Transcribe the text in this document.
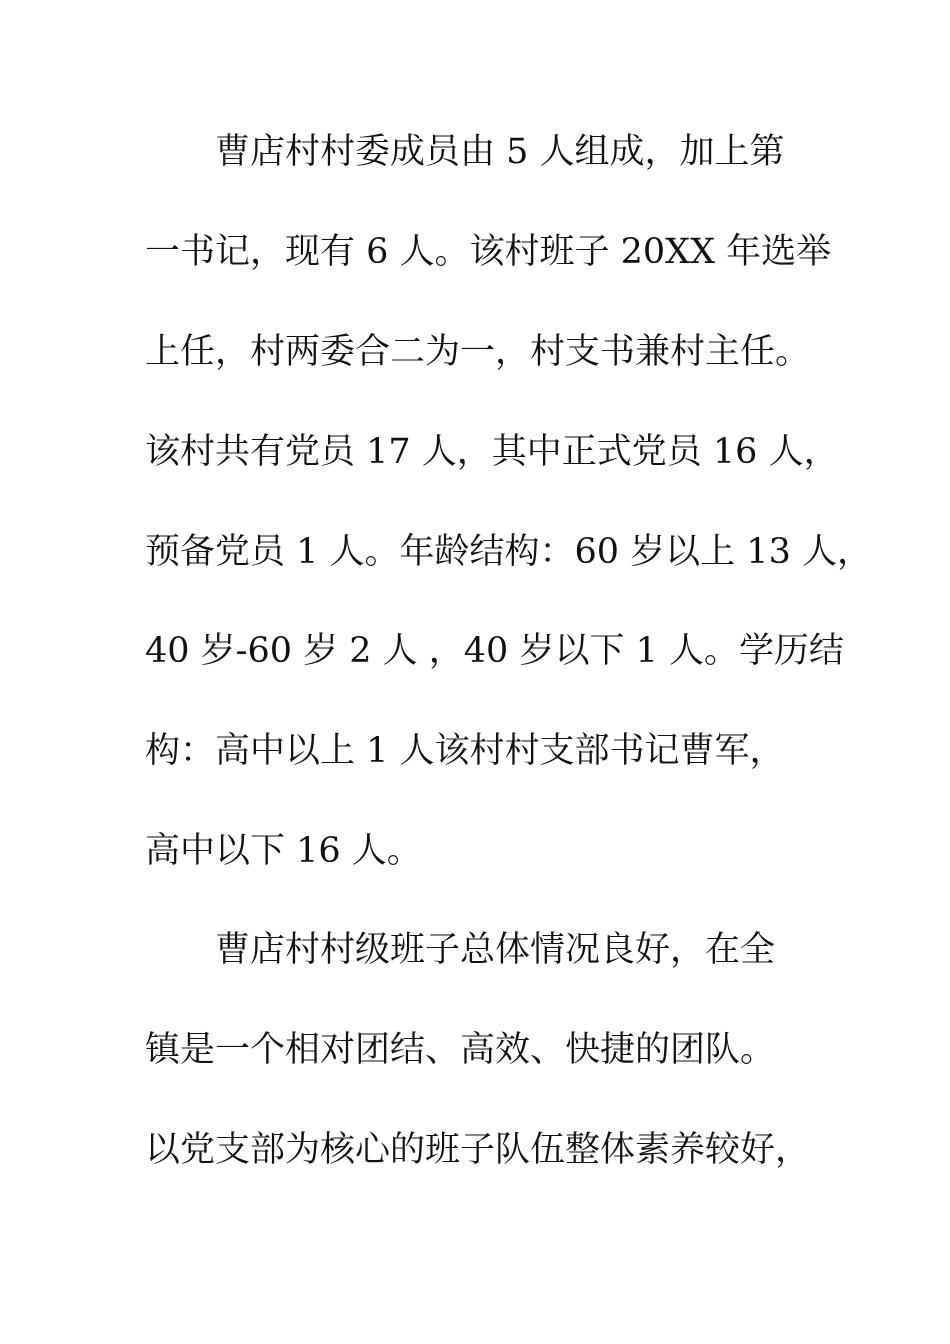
曹店村村委成员由 5 人组成，加上第
一书记，现有 6 人。该村班子 20XX 年选举
上任，村两委合二为一，村支书兼村主任。
该村共有党员 17 人，其中正式党员 16 人，
预备党员 1 人。年龄结构：60 岁以上 13 人，
40 岁-60 岁 2 人 ，40 岁以下 1 人。学历结
构：高中以上 1 人该村村支部书记曹军，
高中以下 16 人。
曹店村村级班子总体情况良好，在全
镇是一个相对团结、高效、快捷的团队。
以党支部为核心的班子队伍整体素养较好，
